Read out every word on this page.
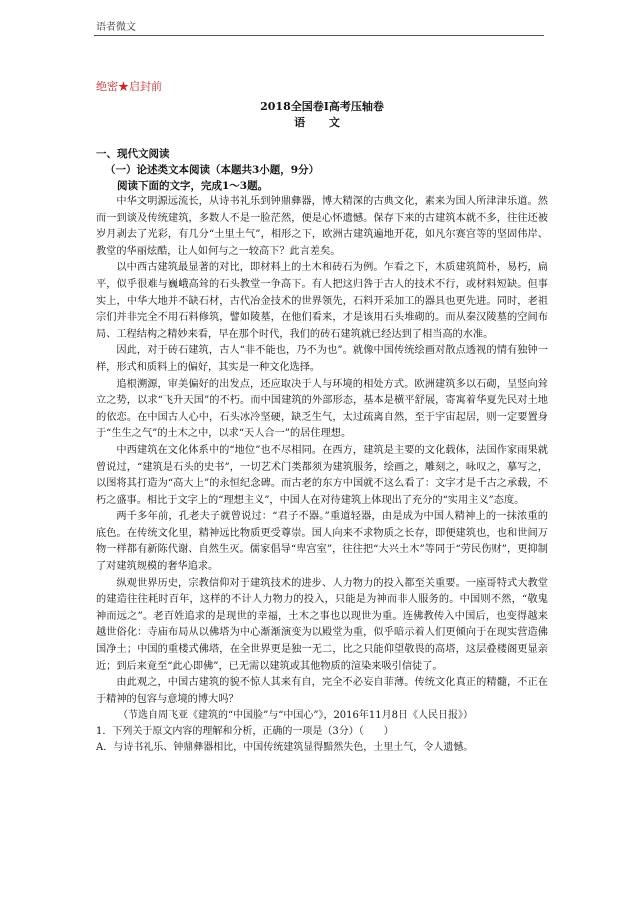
语者微文
绝密★启封前
2018全国卷Ⅰ高考压轴卷
语 文
一、现代文阅读
（一）论述类文本阅读（本题共3小题，9分）
阅读下面的文字，完成1～3题。

中华文明源远流长，从诗书礼乐到钟鼎彝器，博大精深的古典文化，素来为国人所津津乐道。然而一到谈及传统建筑，多数人不是一脸茫然，便是心怀遗憾。保存下来的古建筑本就不多，往往还被岁月剥去了光彩，有几分“土里土气”，相形之下，欧洲古建筑遍地开花，如凡尔赛宫等的坚固伟岸、教堂的华丽炫酷，让人如何与之一较高下？此言差矣。

以中西古建筑最显著的对比，即材料上的土木和砖石为例。乍看之下，木质建筑简朴，易朽，扁平，似乎很难与巍峨高耸的石头教堂一争高下。有人把这归咎于古人的技术不行，或材料短缺。但事实上，中华大地并不缺石材，古代冶金技术的世界领先，石料开采加工的器具也更先进。同时，老祖宗们并非完全不用石料修筑，譬如陵墓，在他们看来，才是该用石头堆砌的。而从秦汉陵墓的空间布局、工程结构之精妙来看，早在那个时代，我们的砖石建筑就已经达到了相当高的水准。

因此，对于砖石建筑，古人“非不能也，乃不为也”。就像中国传统绘画对散点透视的情有独钟一样，形式和质料上的偏好，其实是一种文化选择。

追根溯源，审美偏好的出发点，还应取决于人与环境的相处方式。欧洲建筑多以石砌，呈竖向耸立之势，以求“飞升天国”的不朽。而中国建筑的外部形态，基本是横平舒展，寄寓着华夏先民对土地的依恋。在中国古人心中，石头冰冷坚硬，缺乏生气，太过疏离自然，至于宇宙起居，则一定要置身于“生生之气”的土木之中，以求“天人合一”的居住理想。

中西建筑在文化体系中的“地位”也不尽相同。在西方，建筑是主要的文化载体，法国作家雨果就曾说过，“建筑是石头的史书”，一切艺术门类都须为建筑服务，绘画之，雕刻之，咏叹之，摹写之，以图将其打造为“高大上”的永恒纪念碑。而古老的东方中国就不这么看了：文字才是千古之承载，不朽之盛事。相比于文字上的“理想主义”，中国人在对待建筑上体现出了充分的“实用主义”态度。

两千多年前，孔老夫子就曾说过：“君子不器。”重道轻器，由是成为中国人精神上的一抹浓重的底色。在传统文化里，精神远比物质更受尊崇。国人向来不求物质之长存，即便建筑也，也和世间万物一样都有新陈代谢、自然生灭。儒家倡导“卑宫室”，往往把“大兴土木”等同于“劳民伤财”，更抑制了对建筑规模的奢华追求。

纵观世界历史，宗教信仰对于建筑技术的进步、人力物力的投入都至关重要。一座哥特式大教堂的建造往往耗时百年，这样的不计人力物力的投入，只能是为神而非人服务的。中国则不然，“敬鬼神而远之”。老百姓追求的是现世的幸福，土木之事也以现世为重。连佛教传入中国后，也变得越来越世俗化：寺庙布局从以佛塔为中心渐渐演变为以殿堂为重，似乎暗示着人们更倾向于在现实营造佛国净土；中国的重楼式佛塔，在全世界更是独一无二，比之只能仰望敬畏的高塔，这层叠楼阁更显亲近；到后来竟至“此心即佛”，已无需以建筑或其他物质的渲染来吸引信徒了。

由此观之，中国古建筑的貌不惊人其来有自，完全不必妄自菲薄。传统文化真正的精髓，不正在于精神的包容与意境的博大吗？

（节选自周飞亚《建筑的“中国脸”与“中国心”》，2016年11月8日《人民日报》）
1．下列关于原文内容的理解和分析，正确的一项是（3分）（　　）
A．与诗书礼乐、钟鼎彝器相比，中国传统建筑显得黯然失色，土里土气，令人遗憾。
